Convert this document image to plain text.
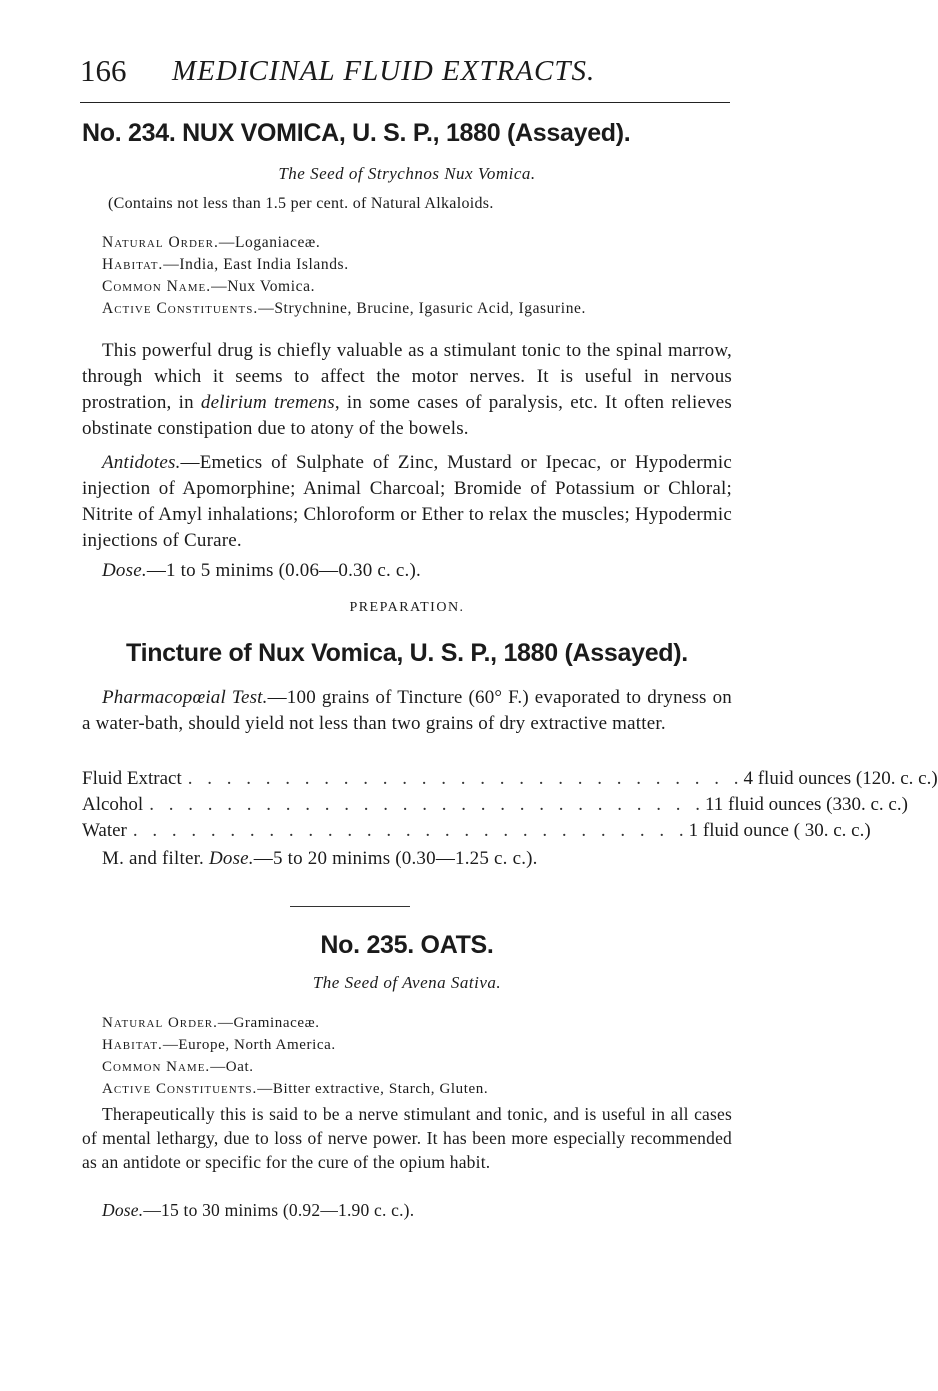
166 MEDICINAL FLUID EXTRACTS.
No. 234. NUX VOMICA, U. S. P., 1880 (Assayed).
The Seed of Strychnos Nux Vomica.
(Contains not less than 1.5 per cent. of Natural Alkaloids.
Natural Order.—Loganiaceæ.
Habitat.—India, East India Islands.
Common Name.—Nux Vomica.
Active Constituents.—Strychnine, Brucine, Igasuric Acid, Igasurine.

This powerful drug is chiefly valuable as a stimulant tonic to the spinal marrow, through which it seems to affect the motor nerves. It is useful in nervous prostration, in delirium tremens, in some cases of paralysis, etc. It often relieves obstinate constipation due to atony of the bowels.

Antidotes.—Emetics of Sulphate of Zinc, Mustard or Ipecac, or Hypodermic injection of Apomorphine; Animal Charcoal; Bromide of Potassium or Chloral; Nitrite of Amyl inhalations; Chloroform or Ether to relax the muscles; Hypodermic injections of Curare.

Dose.—1 to 5 minims (0.06—0.30 c. c.).

PREPARATION.
Tincture of Nux Vomica, U. S. P., 1880 (Assayed).

Pharmacopœial Test.—100 grains of Tincture (60° F.) evaporated to dryness on a water-bath, should yield not less than two grains of dry extractive matter.

Fluid Extract . . . . . . . . . . . . . . . . . . . . . . . . . . . . . 4 fluid ounces (120. c. c.)
Alcohol . . . . . . . . . . . . . . . . . . . . . . . . . . . . . 11 fluid ounces (330. c. c.)
Water . . . . . . . . . . . . . . . . . . . . . . . . . . . . . 1 fluid ounce ( 30. c. c.)

M. and filter. Dose.—5 to 20 minims (0.30—1.25 c. c.).

No. 235. OATS.
The Seed of Avena Sativa.
Natural Order.—Graminaceæ.
Habitat.—Europe, North America.
Common Name.—Oat.
Active Constituents.—Bitter extractive, Starch, Gluten.

Therapeutically this is said to be a nerve stimulant and tonic, and is useful in all cases of mental lethargy, due to loss of nerve power. It has been more especially recommended as an antidote or specific for the cure of the opium habit.

Dose.—15 to 30 minims (0.92—1.90 c. c.).
